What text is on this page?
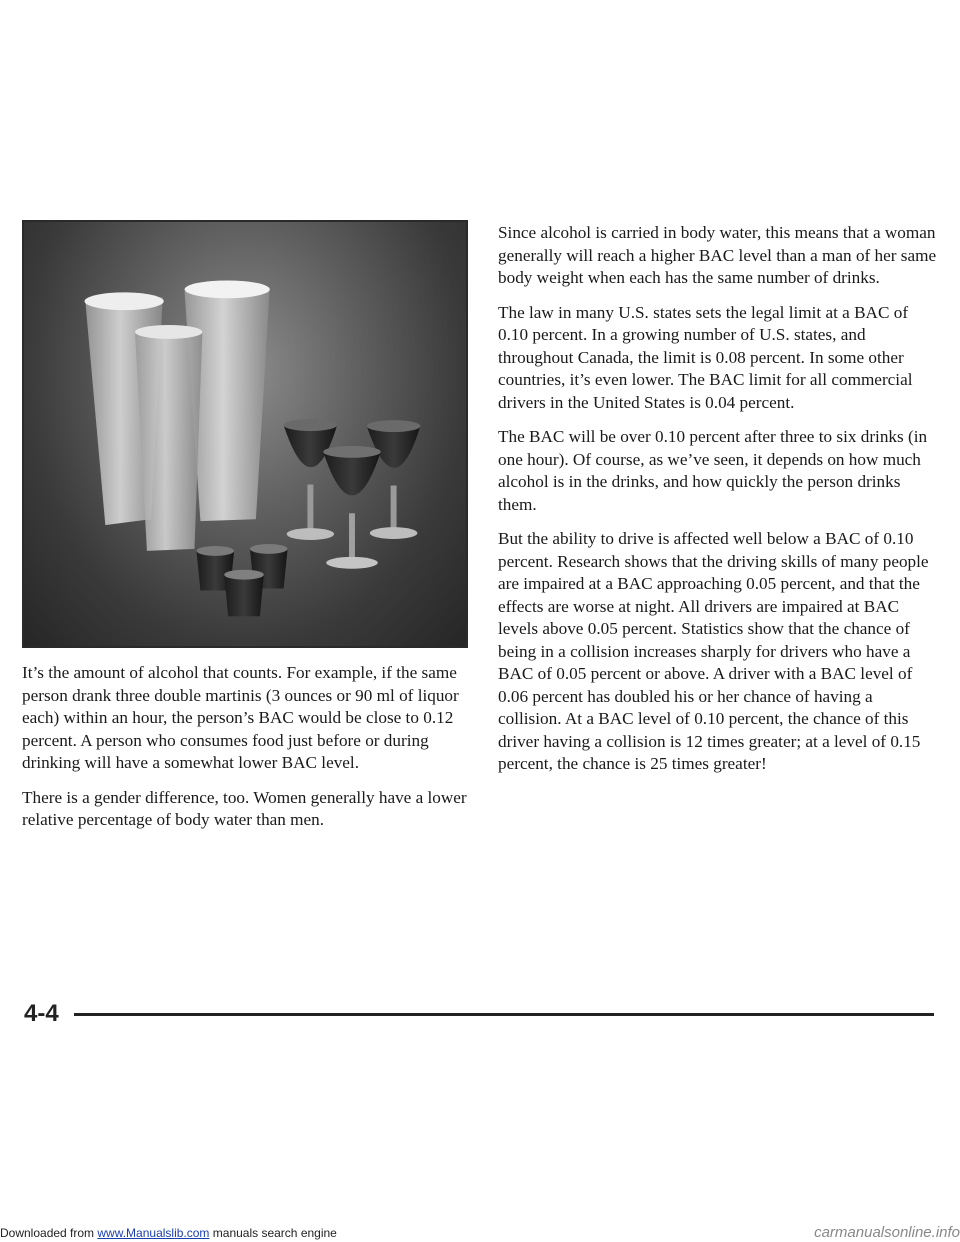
It’s the amount of alcohol that counts. For example, if the same person drank three double martinis (3 ounces or 90 ml of liquor each) within an hour, the person’s BAC would be close to 0.12 percent. A person who consumes food just before or during drinking will have a somewhat lower BAC level.

There is a gender difference, too. Women generally have a lower relative percentage of body water than men.

Since alcohol is carried in body water, this means that a woman generally will reach a higher BAC level than a man of her same body weight when each has the same number of drinks.

The law in many U.S. states sets the legal limit at a BAC of 0.10 percent. In a growing number of U.S. states, and throughout Canada, the limit is 0.08 percent. In some other countries, it’s even lower. The BAC limit for all commercial drivers in the United States is 0.04 percent.

The BAC will be over 0.10 percent after three to six drinks (in one hour). Of course, as we’ve seen, it depends on how much alcohol is in the drinks, and how quickly the person drinks them.

But the ability to drive is affected well below a BAC of 0.10 percent. Research shows that the driving skills of many people are impaired at a BAC approaching 0.05 percent, and that the effects are worse at night. All drivers are impaired at BAC levels above 0.05 percent. Statistics show that the chance of being in a collision increases sharply for drivers who have a BAC of 0.05 percent or above. A driver with a BAC level of 0.06 percent has doubled his or her chance of having a collision. At a BAC level of 0.10 percent, the chance of this driver having a collision is 12 times greater; at a level of 0.15 percent, the chance is 25 times greater!

4-4
Downloaded from www.Manualslib.com manuals search engine	carmanualsonline.info
